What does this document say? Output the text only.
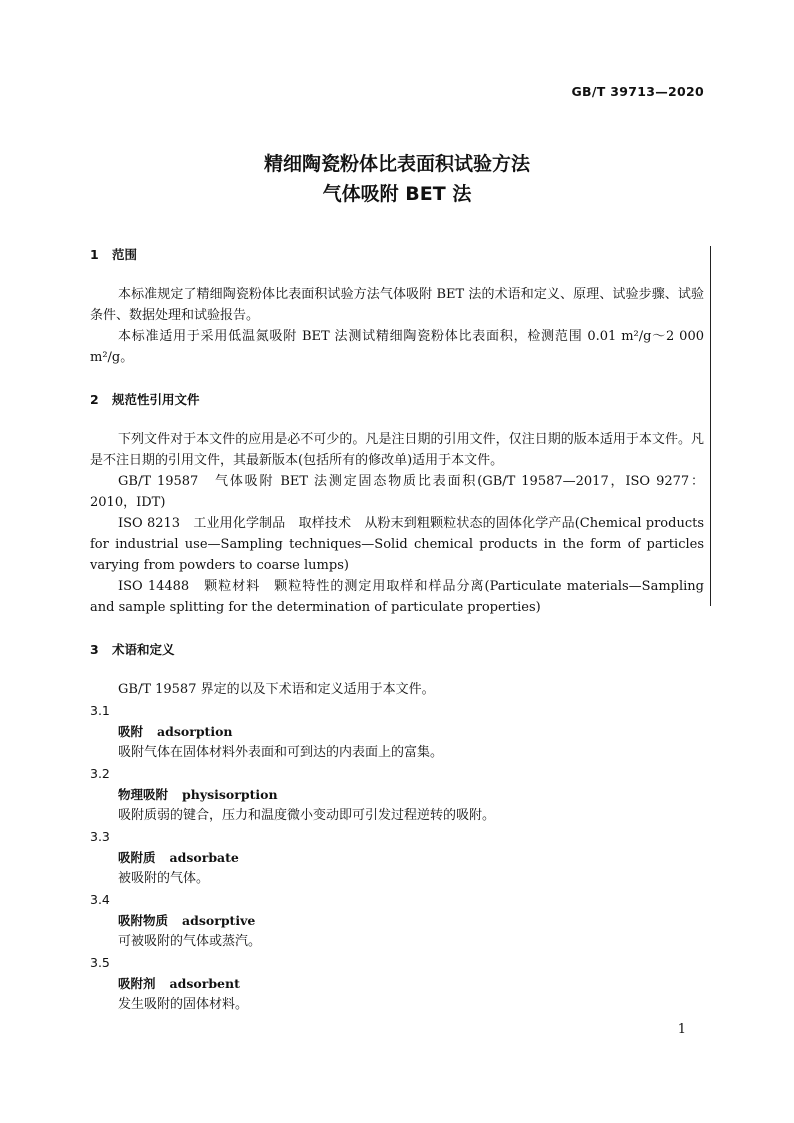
GB/T 39713—2020
精细陶瓷粉体比表面积试验方法
气体吸附 BET 法
1 范围

本标准规定了精细陶瓷粉体比表面积试验方法气体吸附 BET 法的术语和定义、原理、试验步骤、试验条件、数据处理和试验报告。

本标准适用于采用低温氮吸附 BET 法测试精细陶瓷粉体比表面积，检测范围 0.01 m²/g～2 000 m²/g。

2 规范性引用文件

下列文件对于本文件的应用是必不可少的。凡是注日期的引用文件，仅注日期的版本适用于本文件。凡是不注日期的引用文件，其最新版本(包括所有的修改单)适用于本文件。

GB/T 19587　气体吸附 BET 法测定固态物质比表面积(GB/T 19587—2017，ISO 9277：2010，IDT)

ISO 8213　工业用化学制品　取样技术　从粉末到粗颗粒状态的固体化学产品(Chemical products for industrial use—Sampling techniques—Solid chemical products in the form of particles varying from powders to coarse lumps)

ISO 14488　颗粒材料　颗粒特性的测定用取样和样品分离(Particulate materials—Sampling and sample splitting for the determination of particulate properties)

3 术语和定义

GB/T 19587 界定的以及下术语和定义适用于本文件。

3.1
吸附 adsorption
吸附气体在固体材料外表面和可到达的内表面上的富集。
3.2
物理吸附 physisorption
吸附质弱的键合，压力和温度微小变动即可引发过程逆转的吸附。
3.3
吸附质 adsorbate
被吸附的气体。
3.4
吸附物质 adsorptive
可被吸附的气体或蒸汽。
3.5
吸附剂 adsorbent
发生吸附的固体材料。
1
